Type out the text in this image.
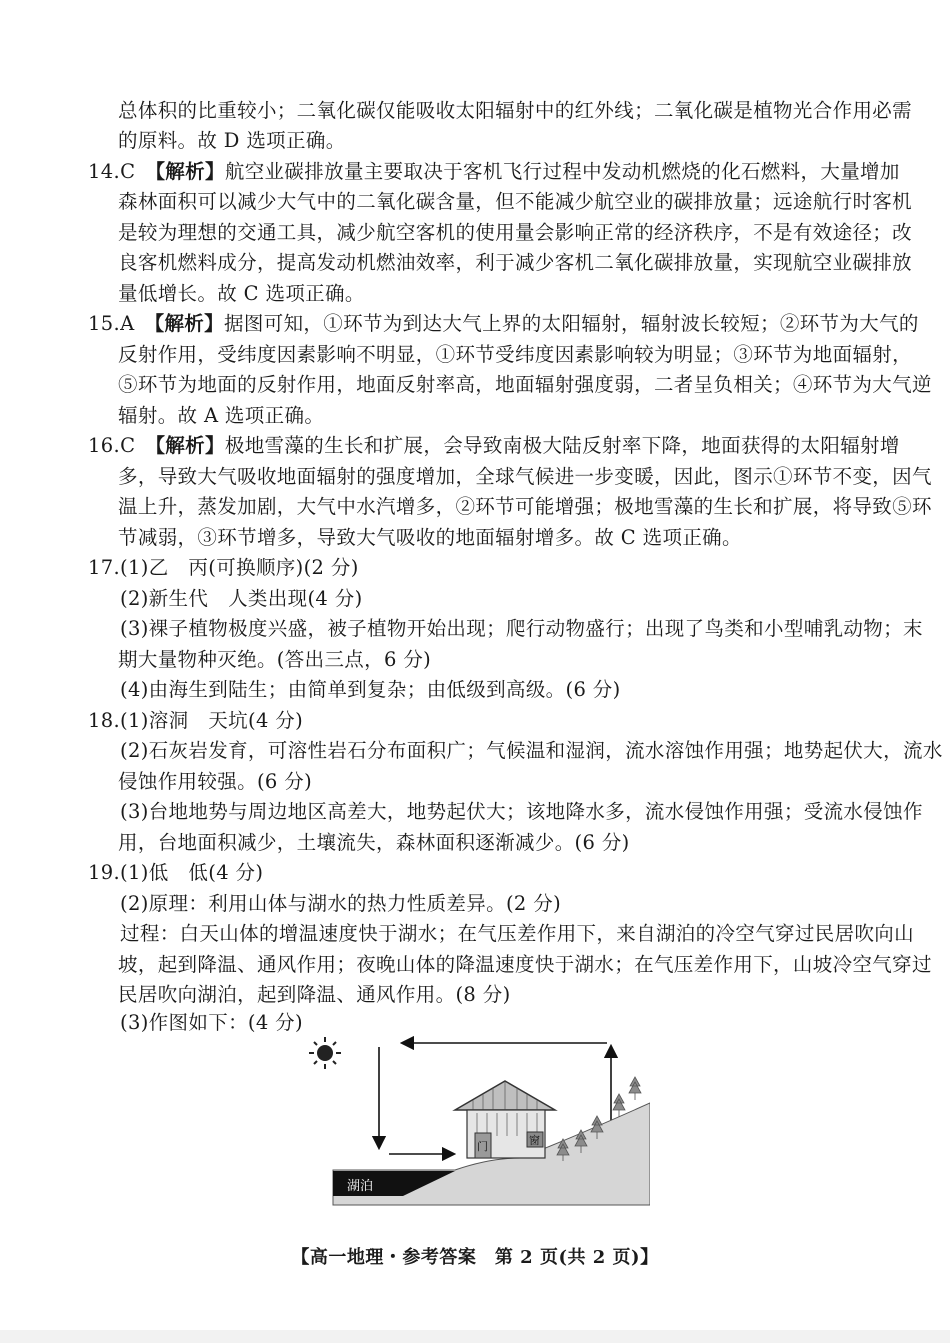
总体积的比重较小；二氧化碳仅能吸收太阳辐射中的红外线；二氧化碳是植物光合作用必需
的原料。故 D 选项正确。
14.C　 【解析】航空业碳排放量主要取决于客机飞行过程中发动机燃烧的化石燃料，大量增加
森林面积可以减少大气中的二氧化碳含量，但不能减少航空业的碳排放量；远途航行时客机
是较为理想的交通工具，减少航空客机的使用量会影响正常的经济秩序，不是有效途径；改
良客机燃料成分，提高发动机燃油效率，利于减少客机二氧化碳排放量，实现航空业碳排放
量低增长。故 C 选项正确。
15.A　 【解析】据图可知，①环节为到达大气上界的太阳辐射，辐射波长较短；②环节为大气的
反射作用，受纬度因素影响不明显，①环节受纬度因素影响较为明显；③环节为地面辐射，
⑤环节为地面的反射作用，地面反射率高，地面辐射强度弱，二者呈负相关；④环节为大气逆
辐射。故 A 选项正确。
16.C　 【解析】极地雪藻的生长和扩展，会导致南极大陆反射率下降，地面获得的太阳辐射增
多，导致大气吸收地面辐射的强度增加，全球气候进一步变暖，因此，图示①环节不变，因气
温上升，蒸发加剧，大气中水汽增多，②环节可能增强；极地雪藻的生长和扩展，将导致⑤环
节减弱，③环节增多，导致大气吸收的地面辐射增多。故 C 选项正确。
17.(1)乙　丙(可换顺序)(2 分)
(2)新生代　人类出现(4 分)
(3)裸子植物极度兴盛，被子植物开始出现；爬行动物盛行；出现了鸟类和小型哺乳动物；末
期大量物种灭绝。(答出三点，6 分)
(4)由海生到陆生；由简单到复杂；由低级到高级。(6 分)
18.(1)溶洞　天坑(4 分)
(2)石灰岩发育，可溶性岩石分布面积广；气候温和湿润，流水溶蚀作用强；地势起伏大，流水
侵蚀作用较强。(6 分)
(3)台地地势与周边地区高差大，地势起伏大；该地降水多，流水侵蚀作用强；受流水侵蚀作
用，台地面积减少，土壤流失，森林面积逐渐减少。(6 分)
19.(1)低　低(4 分)
(2)原理：利用山体与湖水的热力性质差异。(2 分)
过程：白天山体的增温速度快于湖水；在气压差作用下，来自湖泊的冷空气穿过民居吹向山
坡，起到降温、通风作用；夜晚山体的降温速度快于湖水；在气压差作用下，山坡冷空气穿过
民居吹向湖泊，起到降温、通风作用。(8 分)
(3)作图如下：(4 分)
湖泊
门	窗
【高一地理・参考答案　第 2 页(共 2 页)】
